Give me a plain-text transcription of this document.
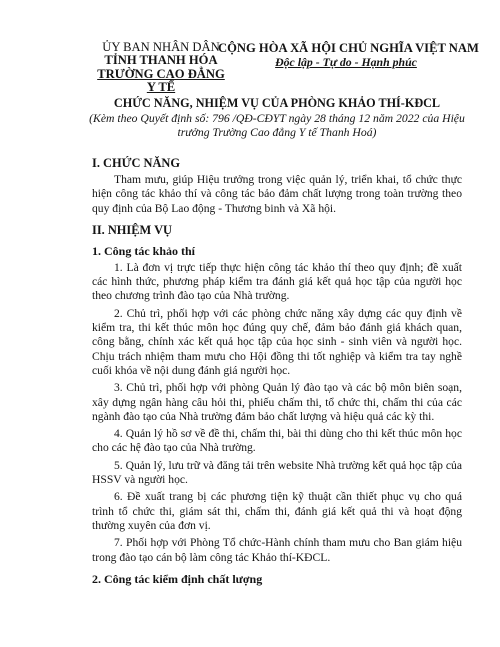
ỦY BAN NHÂN DÂN
TỈNH THANH HÓA
TRƯỜNG CAO ĐẲNG Y TẾ
CỘNG HÒA XÃ HỘI CHỦ NGHĨA VIỆT NAM
Độc lập - Tự do - Hạnh phúc
CHỨC NĂNG, NHIỆM VỤ CỦA PHÒNG KHẢO THÍ-KĐCL
(Kèm theo Quyết định số: 796 /QĐ-CĐYT ngày 28 tháng 12 năm 2022 của Hiệu trưởng Trường Cao đẳng Y tế Thanh Hoá)
I. CHỨC NĂNG

Tham mưu, giúp Hiệu trưởng trong việc quản lý, triển khai, tổ chức thực hiện công tác khảo thí và công tác bảo đảm chất lượng trong toàn trường theo quy định của Bộ Lao động - Thương binh và Xã hội.

II. NHIỆM VỤ
1. Công tác khảo thí

1. Là đơn vị trực tiếp thực hiện công tác khảo thí theo quy định; đề xuất các hình thức, phương pháp kiểm tra đánh giá kết quả học tập của người học theo chương trình đào tạo của Nhà trường.

2. Chủ trì, phối hợp với các phòng chức năng xây dựng các quy định về kiểm tra, thi kết thúc môn học đúng quy chế, đảm bảo đánh giá khách quan, công bằng, chính xác kết quả học tập của học sinh - sinh viên và người học. Chịu trách nhiệm tham mưu cho Hội đồng thi tốt nghiệp và kiểm tra tay nghề cuối khóa về nội dung đánh giá người học.

3. Chủ trì, phối hợp với phòng Quản lý đào tạo và các bộ môn biên soạn, xây dựng ngân hàng câu hỏi thi, phiếu chấm thi, tổ chức thi, chấm thi của các ngành đào tạo của Nhà trường đảm bảo chất lượng và hiệu quả các kỳ thi.

4. Quản lý hồ sơ về đề thi, chấm thi, bài thi dùng cho thi kết thúc môn học cho các hệ đào tạo của Nhà trường.

5. Quản lý, lưu trữ và đăng tải trên website Nhà trường kết quả học tập của HSSV và người học.

6. Đề xuất trang bị các phương tiện kỹ thuật cần thiết phục vụ cho quá trình tổ chức thi, giám sát thi, chấm thi, đánh giá kết quả thi và hoạt động thường xuyên của đơn vị.

7. Phối hợp với Phòng Tổ chức-Hành chính tham mưu cho Ban giám hiệu trong đào tạo cán bộ làm công tác Khảo thí-KĐCL.

2. Công tác kiểm định chất lượng
